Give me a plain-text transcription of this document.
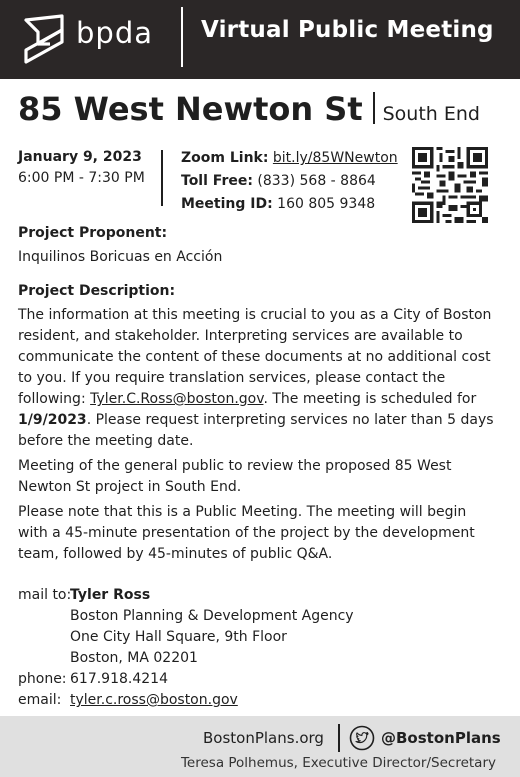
bpda Virtual Public Meeting
85 West Newton St South End
January 9, 2023
6:00 PM - 7:30 PM
Zoom Link: bit.ly/85WNewton
Toll Free: (833) 568 - 8864
Meeting ID: 160 805 9348
Project Proponent:
Inquilinos Boricuas en Acción
Project Description:
The information at this meeting is crucial to you as a City of Boston resident, and stakeholder. Interpreting services are available to communicate the content of these documents at no additional cost to you. If you require translation services, please contact the following: Tyler.C.Ross@boston.gov. The meeting is scheduled for 1/9/2023. Please request interpreting services no later than 5 days before the meeting date.
Meeting of the general public to review the proposed 85 West Newton St project in South End.
Please note that this is a Public Meeting. The meeting will begin with a 45-minute presentation of the project by the development team, followed by 45-minutes of public Q&A.
mail to:
Tyler Ross
Boston Planning & Development Agency
One City Hall Square, 9th Floor
Boston, MA 02201
phone: 617.918.4214
email: tyler.c.ross@boston.gov
BostonPlans.org	@BostonPlans
Teresa Polhemus, Executive Director/Secretary
